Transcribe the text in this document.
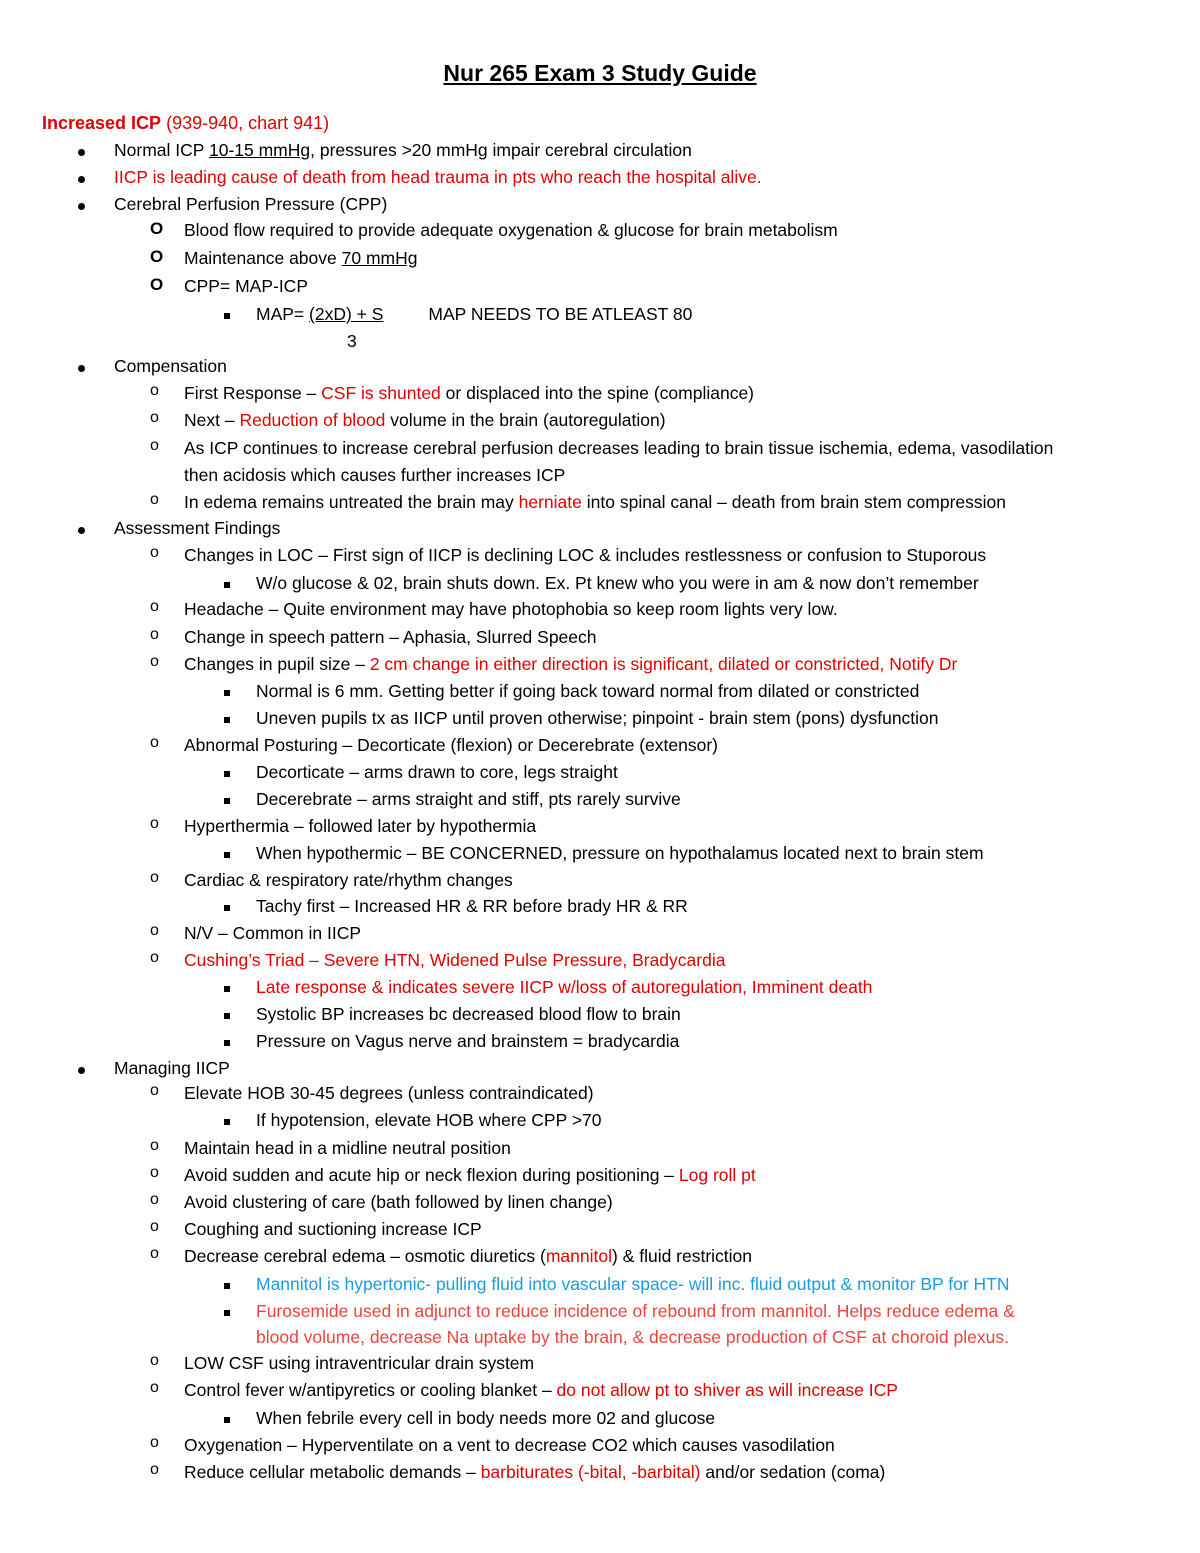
Nur 265 Exam 3 Study Guide
Increased ICP (939-940, chart 941)
Normal ICP 10-15 mmHg, pressures >20 mmHg impair cerebral circulation
IICP is leading cause of death from head trauma in pts who reach the hospital alive.
Cerebral Perfusion Pressure (CPP)
O Blood flow required to provide adequate oxygenation & glucose for brain metabolism
O Maintenance above 70 mmHg
O CPP= MAP-ICP
MAP= (2xD) + S	MAP NEEDS TO BE ATLEAST 80
3
Compensation
o First Response – CSF is shunted or displaced into the spine (compliance)
o Next – Reduction of blood volume in the brain (autoregulation)
o As ICP continues to increase cerebral perfusion decreases leading to brain tissue ischemia, edema, vasodilation
then acidosis which causes further increases ICP
o In edema remains untreated the brain may herniate into spinal canal – death from brain stem compression
Assessment Findings
o Changes in LOC – First sign of IICP is declining LOC & includes restlessness or confusion to Stuporous
W/o glucose & 02, brain shuts down. Ex. Pt knew who you were in am & now don’t remember
o Headache – Quite environment may have photophobia so keep room lights very low.
o Change in speech pattern – Aphasia, Slurred Speech
o Changes in pupil size – 2 cm change in either direction is significant, dilated or constricted, Notify Dr
Normal is 6 mm. Getting better if going back toward normal from dilated or constricted
Uneven pupils tx as IICP until proven otherwise; pinpoint - brain stem (pons) dysfunction
o Abnormal Posturing – Decorticate (flexion) or Decerebrate (extensor)
Decorticate – arms drawn to core, legs straight
Decerebrate – arms straight and stiff, pts rarely survive
o Hyperthermia – followed later by hypothermia
When hypothermic – BE CONCERNED, pressure on hypothalamus located next to brain stem
o Cardiac & respiratory rate/rhythm changes
Tachy first – Increased HR & RR before brady HR & RR
o N/V – Common in IICP
o Cushing’s Triad – Severe HTN, Widened Pulse Pressure, Bradycardia
Late response & indicates severe IICP w/loss of autoregulation, Imminent death
Systolic BP increases bc decreased blood flow to brain
Pressure on Vagus nerve and brainstem = bradycardia
Managing IICP
o Elevate HOB 30-45 degrees (unless contraindicated)
If hypotension, elevate HOB where CPP >70
o Maintain head in a midline neutral position
o Avoid sudden and acute hip or neck flexion during positioning – Log roll pt
o Avoid clustering of care (bath followed by linen change)
o Coughing and suctioning increase ICP
o Decrease cerebral edema – osmotic diuretics (mannitol) & fluid restriction
Mannitol is hypertonic- pulling fluid into vascular space- will inc. fluid output & monitor BP for HTN
Furosemide used in adjunct to reduce incidence of rebound from mannitol. Helps reduce edema &
blood volume, decrease Na uptake by the brain, & decrease production of CSF at choroid plexus.
o LOW CSF using intraventricular drain system
o Control fever w/antipyretics or cooling blanket – do not allow pt to shiver as will increase ICP
When febrile every cell in body needs more 02 and glucose
o Oxygenation – Hyperventilate on a vent to decrease CO2 which causes vasodilation
o Reduce cellular metabolic demands – barbiturates (-bital, -barbital) and/or sedation (coma)
